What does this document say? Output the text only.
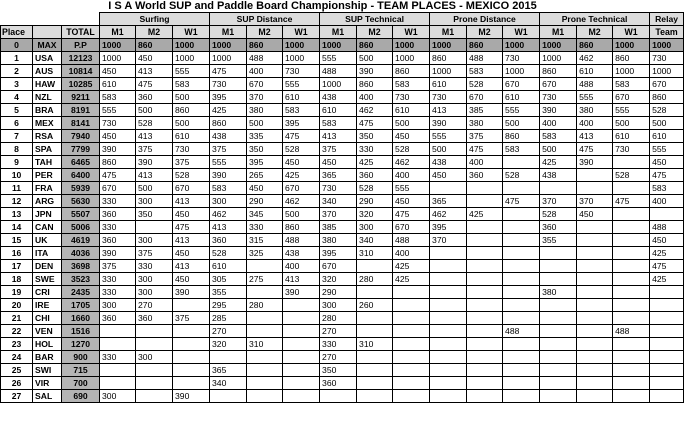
I S A World SUP and Paddle Board Championship - TEAM PLACES - MEXICO 2015
			Surfing			SUP Distance			SUP Technical			Prone Distance			Prone Technical			Relay
Place		TOTAL	M1	M2	W1	M1	M2	W1	M1	M2	W1	M1	M2	W1	M1	M2	W1	Team
0	MAX	P.P	1000	860	1000	1000	860	1000	1000	860	1000	1000	860	1000	1000	860	1000	1000
1	USA	12123	1000	450	1000	1000	488	1000	555	500	1000	860	488	730	1000	462	860	730
2	AUS	10814	450	413	555	475	400	730	488	390	860	1000	583	1000	860	610	1000	1000
3	HAW	10285	610	475	583	730	670	555	1000	860	583	610	528	670	670	488	583	670
4	NZL	9211	583	360	500	395	370	610	438	400	730	730	670	610	730	555	670	860
5	BRA	8191	555	500	860	425	380	583	610	462	610	413	385	555	390	380	555	528
6	MEX	8141	730	528	500	860	500	395	583	475	500	390	380	500	400	400	500	500
7	RSA	7940	450	413	610	438	335	475	413	350	450	555	375	860	583	413	610	610
8	SPA	7799	390	375	730	375	350	528	375	330	528	500	475	583	500	475	730	555
9	TAH	6465	860	390	375	555	395	450	450	425	462	438	400		425	390		450
10	PER	6400	475	413	528	390	265	425	365	360	400	450	360	528	438		528	475
11	FRA	5939	670	500	670	583	450	670	730	528	555							583
12	ARG	5630	330	300	413	300	290	462	340	290	450	365		475	370	370	475	400
13	JPN	5507	360	350	450	462	345	500	370	320	475	462	425		528	450		
14	CAN	5006	330		475	413	330	860	385	300	670	395			360			488
15	UK	4619	360	300	413	360	315	488	380	340	488	370			355			450
16	ITA	4036	390	375	450	528	325	438	395	310	400							425
17	DEN	3698	375	330	413	610		400	670		425							475
18	SWE	3523	330	300	450	305	275	413	320	280	425							425
19	CRI	2435	330	300	390	355		390	290						380			
20	IRE	1705	300	270		295	280		300	260								
21	CHI	1660	360	360	375	285			280									
22	VEN	1516				270			270					488			488	
23	HOL	1270				320	310		330	310								
24	BAR	900	330	300					270									
25	SWI	715				365			350									
26	VIR	700				340			360									
27	SAL	690	300		390													
